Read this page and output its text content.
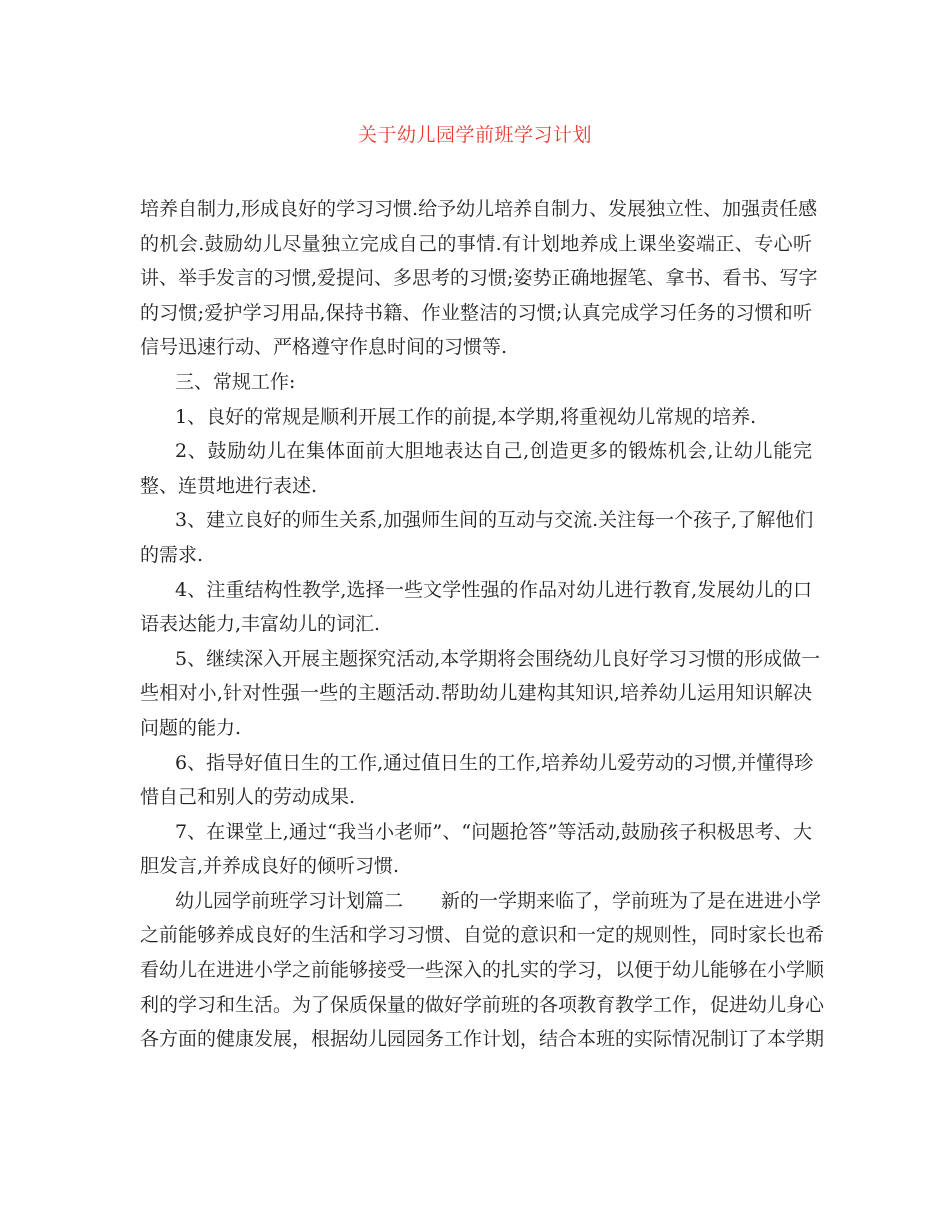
关于幼儿园学前班学习计划
培养自制力,形成良好的学习习惯.给予幼儿培养自制力、发展独立性、加强责任感
的机会.鼓励幼儿尽量独立完成自己的事情.有计划地养成上课坐姿端正、专心听
讲、举手发言的习惯,爱提问、多思考的习惯;姿势正确地握笔、拿书、看书、写字
的习惯;爱护学习用品,保持书籍、作业整洁的习惯;认真完成学习任务的习惯和听
信号迅速行动、严格遵守作息时间的习惯等.
三、常规工作:
1、良好的常规是顺利开展工作的前提,本学期,将重视幼儿常规的培养.
2、鼓励幼儿在集体面前大胆地表达自己,创造更多的锻炼机会,让幼儿能完
整、连贯地进行表述.
3、建立良好的师生关系,加强师生间的互动与交流.关注每一个孩子,了解他们
的需求.
4、注重结构性教学,选择一些文学性强的作品对幼儿进行教育,发展幼儿的口
语表达能力,丰富幼儿的词汇.
5、继续深入开展主题探究活动,本学期将会围绕幼儿良好学习习惯的形成做一
些相对小,针对性强一些的主题活动.帮助幼儿建构其知识,培养幼儿运用知识解决
问题的能力.
6、指导好值日生的工作,通过值日生的工作,培养幼儿爱劳动的习惯,并懂得珍
惜自己和别人的劳动成果.
7、在课堂上,通过“我当小老师”、“问题抢答”等活动,鼓励孩子积极思考、大
胆发言,并养成良好的倾听习惯.
幼儿园学前班学习计划篇二　　新的一学期来临了，学前班为了是在进进小学
之前能够养成良好的生活和学习习惯、自觉的意识和一定的规则性，同时家长也希
看幼儿在进进小学之前能够接受一些深入的扎实的学习，以便于幼儿能够在小学顺
利的学习和生活。为了保质保量的做好学前班的各项教育教学工作，促进幼儿身心
各方面的健康发展，根据幼儿园园务工作计划，结合本班的实际情况制订了本学期
